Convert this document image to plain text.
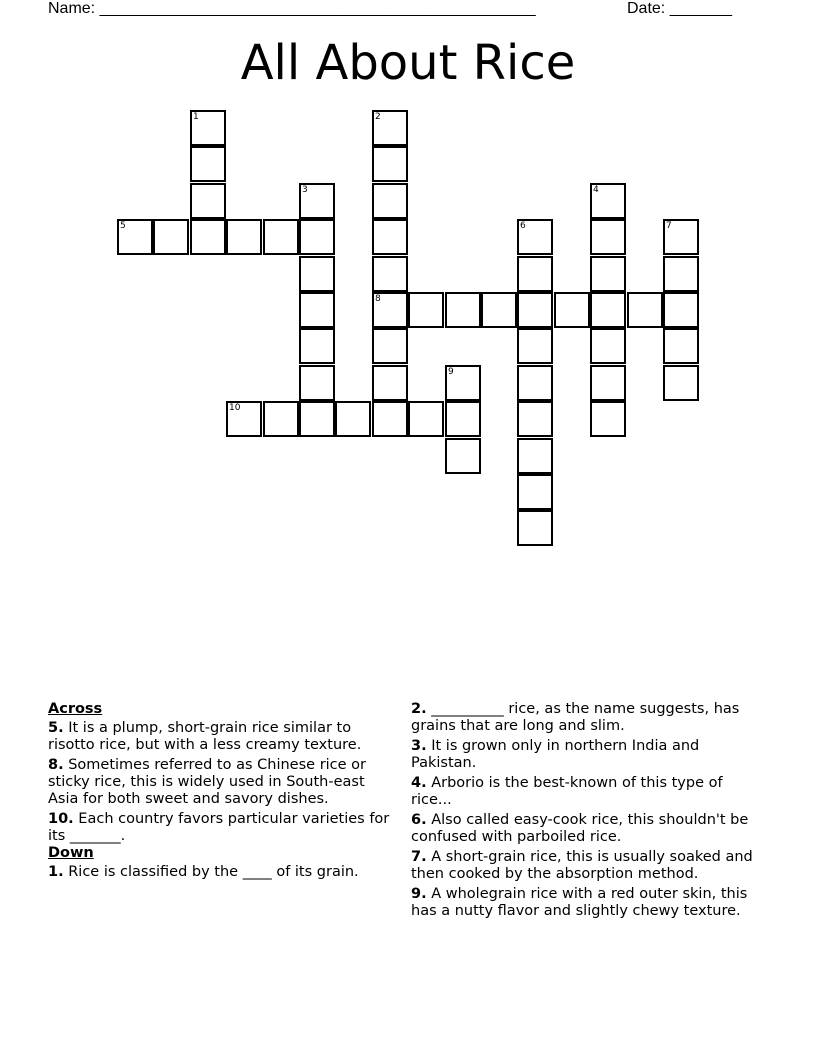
Name: _________________________________________________	Date: _______
All About Rice
5
8
10
1	2
3	4
6	7
9
Across
5. It is a plump, short-grain rice similar to risotto rice, but with a less creamy texture.
8. Sometimes referred to as Chinese rice or sticky rice, this is widely used in South-east Asia for both sweet and savory dishes.
10. Each country favors particular varieties for its _______.
Down
1. Rice is classified by the ____ of its grain.
2. __________ rice, as the name suggests, has grains that are long and slim.
3. It is grown only in northern India and Pakistan.
4. Arborio is the best-known of this type of rice...
6. Also called easy-cook rice, this shouldn't be confused with parboiled rice.
7. A short-grain rice, this is usually soaked and then cooked by the absorption method.
9. A wholegrain rice with a red outer skin, this has a nutty flavor and slightly chewy texture.
